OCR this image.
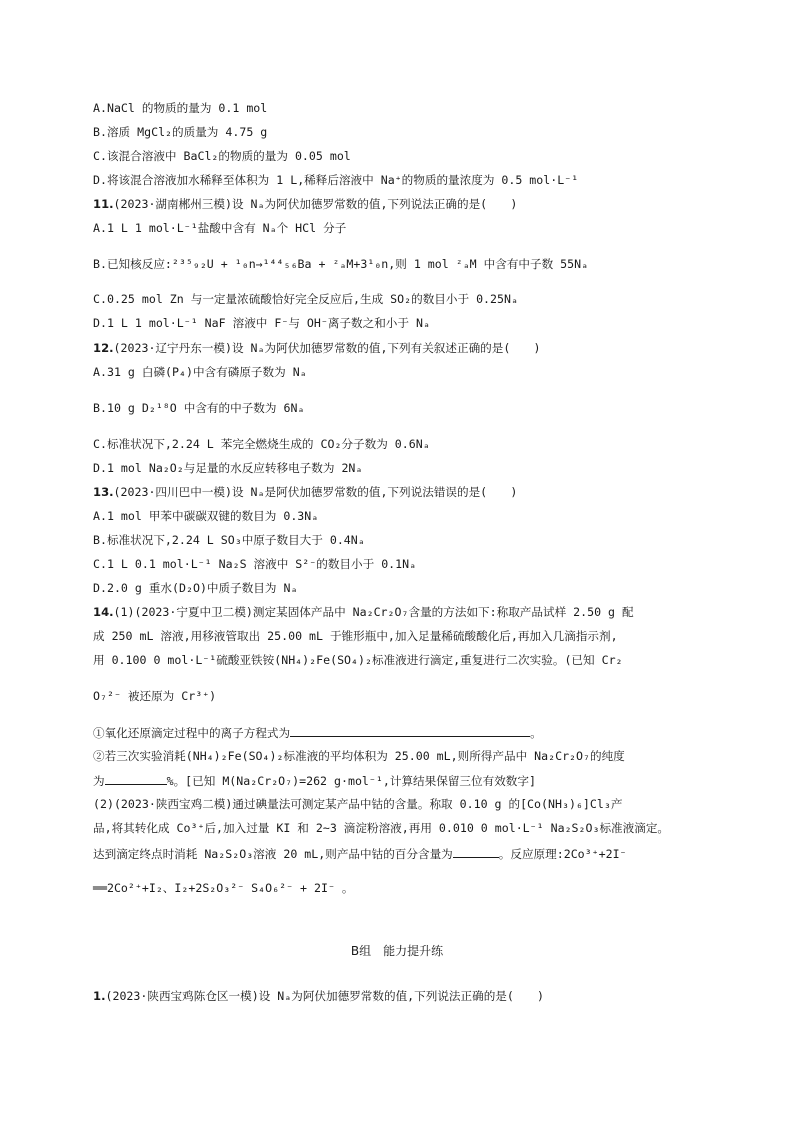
A.NaCl 的物质的量为 0.1 mol
B.溶质 MgCl₂的质量为 4.75 g
C.该混合溶液中 BaCl₂的物质的量为 0.05 mol
D.将该混合溶液加水稀释至体积为 1 L,稀释后溶液中 Na⁺的物质的量浓度为 0.5 mol·L⁻¹
11.(2023·湖南郴州三模)设 Nₐ为阿伏加德罗常数的值,下列说法正确的是(　　)
A.1 L 1 mol·L⁻¹盐酸中含有 Nₐ个 HCl 分子
B.已知核反应:²³⁵₉₂U + ¹₀n→¹⁴⁴₅₆Ba + ᶻₐM+3¹₀n,则 1 mol ᶻₐM 中含有中子数 55Nₐ
C.0.25 mol Zn 与一定量浓硫酸恰好完全反应后,生成 SO₂的数目小于 0.25Nₐ
D.1 L 1 mol·L⁻¹ NaF 溶液中 F⁻与 OH⁻离子数之和小于 Nₐ
12.(2023·辽宁丹东一模)设 Nₐ为阿伏加德罗常数的值,下列有关叙述正确的是(　　)
A.31 g 白磷(P₄)中含有磷原子数为 Nₐ
B.10 g D₂¹⁸O 中含有的中子数为 6Nₐ
C.标准状况下,2.24 L 苯完全燃烧生成的 CO₂分子数为 0.6Nₐ
D.1 mol Na₂O₂与足量的水反应转移电子数为 2Nₐ
13.(2023·四川巴中一模)设 Nₐ是阿伏加德罗常数的值,下列说法错误的是(　　)
A.1 mol 甲苯中碳碳双键的数目为 0.3Nₐ
B.标准状况下,2.24 L SO₃中原子数目大于 0.4Nₐ
C.1 L 0.1 mol·L⁻¹ Na₂S 溶液中 S²⁻的数目小于 0.1Nₐ
D.2.0 g 重水(D₂O)中质子数目为 Nₐ
14.(1)(2023·宁夏中卫二模)测定某固体产品中 Na₂Cr₂O₇含量的方法如下:称取产品试样 2.50 g 配
成 250 mL 溶液,用移液管取出 25.00 mL 于锥形瓶中,加入足量稀硫酸酸化后,再加入几滴指示剂,
用 0.100 0 mol·L⁻¹硫酸亚铁铵(NH₄)₂Fe(SO₄)₂标准液进行滴定,重复进行二次实验。(已知 Cr₂
O₇²⁻ 被还原为 Cr³⁺)
①氧化还原滴定过程中的离子方程式为	。
②若三次实验消耗(NH₄)₂Fe(SO₄)₂标准液的平均体积为 25.00 mL,则所得产品中 Na₂Cr₂O₇的纯度
为	%。[已知 M(Na₂Cr₂O₇)=262 g·mol⁻¹,计算结果保留三位有效数字]
(2)(2023·陕西宝鸡二模)通过碘量法可测定某产品中钴的含量。称取 0.10 g 的[Co(NH₃)₆]Cl₃产
品,将其转化成 Co³⁺后,加入过量 KI 和 2~3 滴淀粉溶液,再用 0.010 0 mol·L⁻¹ Na₂S₂O₃标准液滴定。
达到滴定终点时消耗 Na₂S₂O₃溶液 20 mL,则产品中钴的百分含量为	。反应原理:2Co³⁺+2I⁻
══2Co²⁺+I₂、I₂+2S₂O₃²⁻ S₄O₆²⁻ + 2I⁻ 。
B组　能力提升练
1.(2023·陕西宝鸡陈仓区一模)设 Nₐ为阿伏加德罗常数的值,下列说法正确的是(　　)
